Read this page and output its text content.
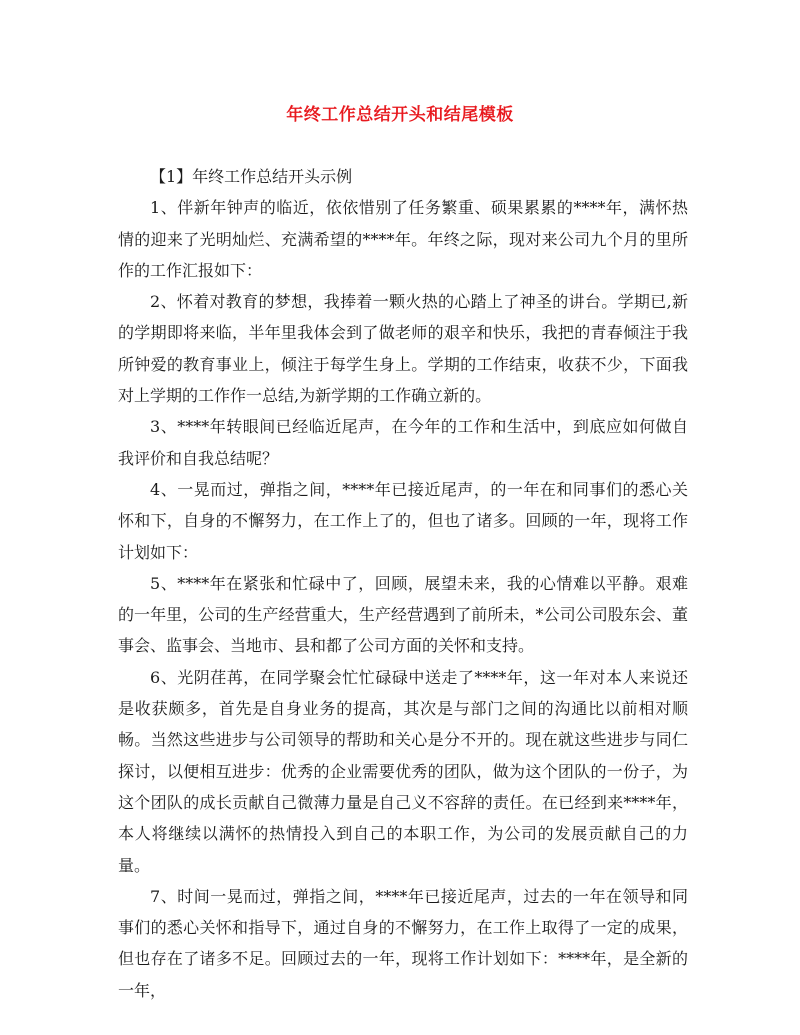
年终工作总结开头和结尾模板

【1】年终工作总结开头示例

1、伴新年钟声的临近，依依惜别了任务繁重、硕果累累的****年，满怀热情的迎来了光明灿烂、充满希望的****年。年终之际，现对来公司九个月的里所作的工作汇报如下：

2、怀着对教育的梦想，我捧着一颗火热的心踏上了神圣的讲台。学期已,新的学期即将来临，半年里我体会到了做老师的艰辛和快乐，我把的青春倾注于我所钟爱的教育事业上，倾注于每学生身上。学期的工作结束，收获不少，下面我对上学期的工作作一总结,为新学期的工作确立新的。

3、****年转眼间已经临近尾声，在今年的工作和生活中，到底应如何做自我评价和自我总结呢？

4、一晃而过，弹指之间，****年已接近尾声，的一年在和同事们的悉心关怀和下，自身的不懈努力，在工作上了的，但也了诸多。回顾的一年，现将工作计划如下：

5、****年在紧张和忙碌中了，回顾，展望未来，我的心情难以平静。艰难的一年里，公司的生产经营重大，生产经营遇到了前所未，*公司公司股东会、董事会、监事会、当地市、县和都了公司方面的关怀和支持。

6、光阴荏苒，在同学聚会忙忙碌碌中送走了****年，这一年对本人来说还是收获颇多，首先是自身业务的提高，其次是与部门之间的沟通比以前相对顺畅。当然这些进步与公司领导的帮助和关心是分不开的。现在就这些进步与同仁探讨，以便相互进步：优秀的企业需要优秀的团队，做为这个团队的一份子，为这个团队的成长贡献自己微薄力量是自己义不容辞的责任。在已经到来****年，本人将继续以满怀的热情投入到自己的本职工作，为公司的发展贡献自己的力量。

7、时间一晃而过，弹指之间，****年已接近尾声，过去的一年在领导和同事们的悉心关怀和指导下，通过自身的不懈努力，在工作上取得了一定的成果，但也存在了诸多不足。回顾过去的一年，现将工作计划如下：****年，是全新的一年，
